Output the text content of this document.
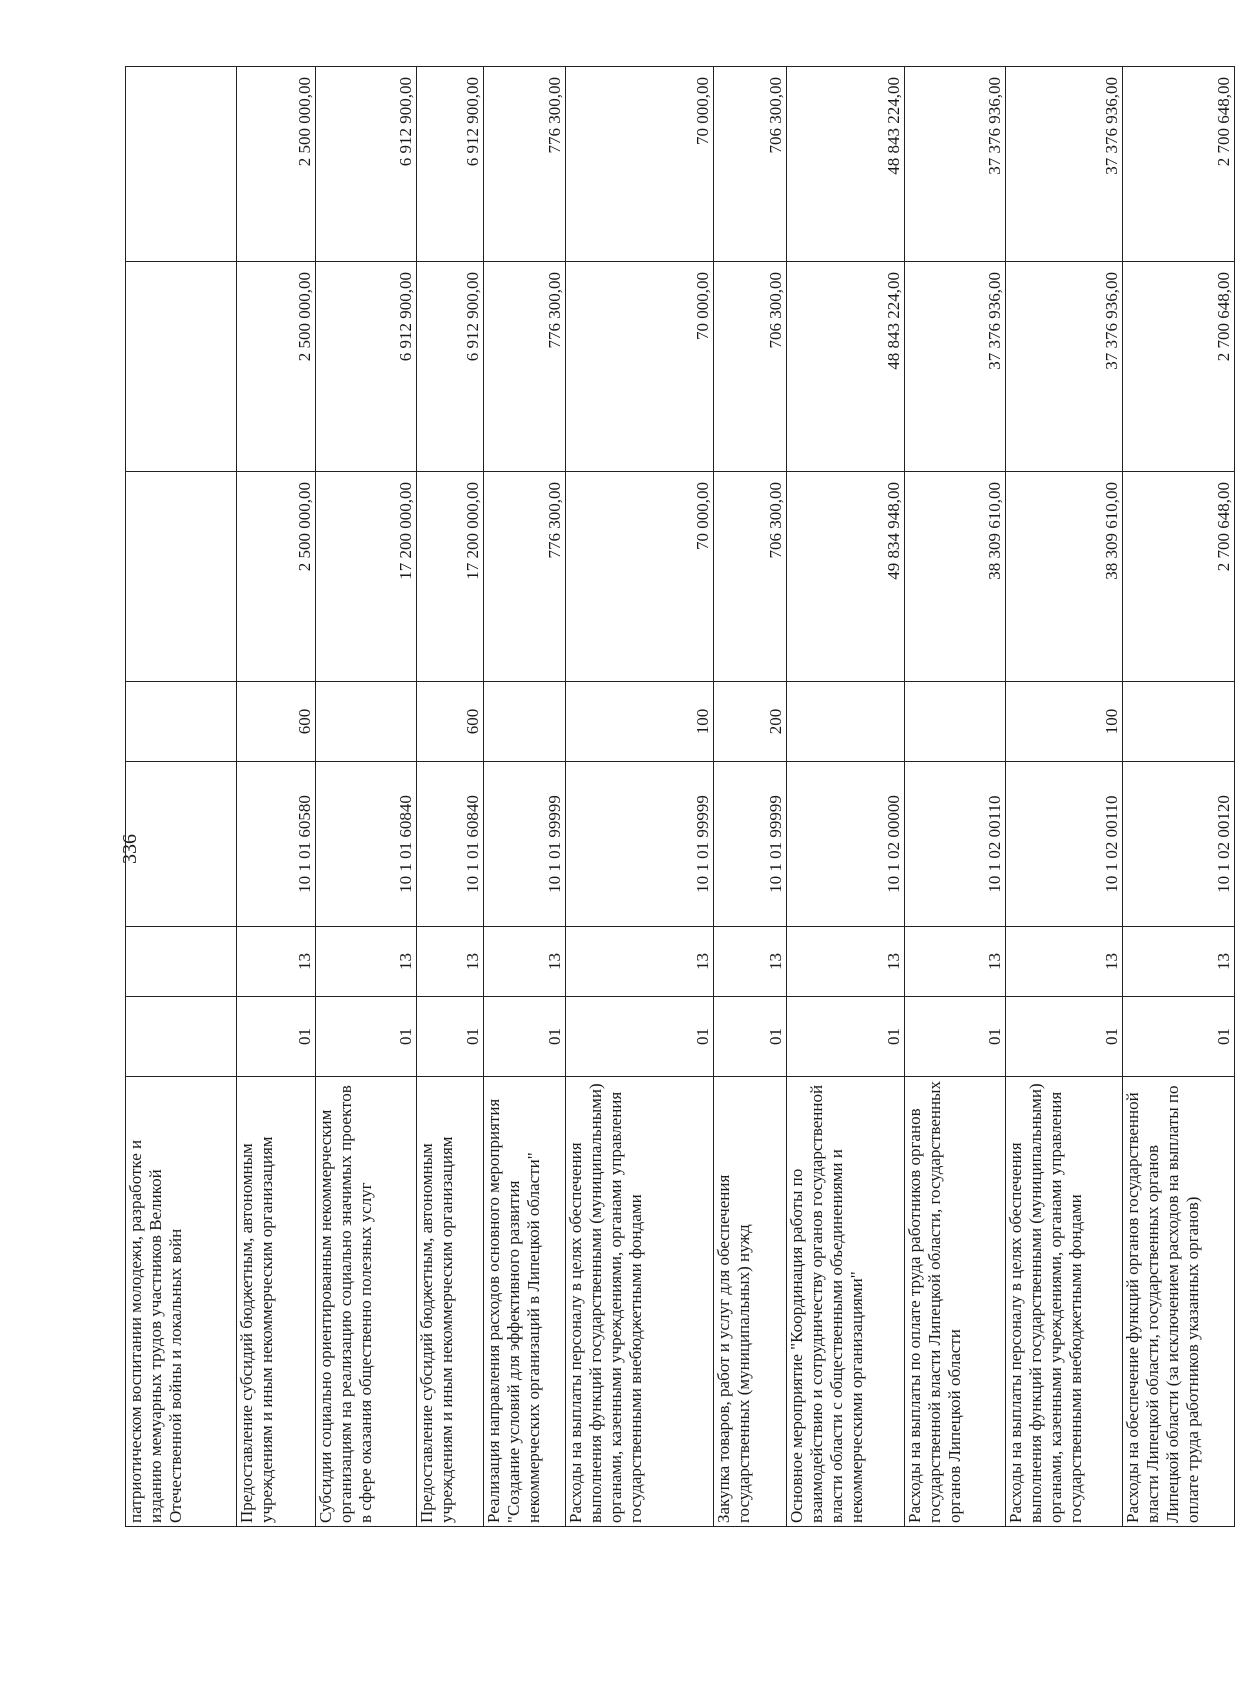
336
патриотическом воспитании молодежи, разработке и изданию мемуарных трудов участников Великой Отечественной войны и локальных войн							
Предоставление субсидий бюджетным, автономным учреждениям и иным некоммерческим организациям	01	13	10 1 01 60580	600	2 500 000,00	2 500 000,00	2 500 000,00
Субсидии социально ориентированным некоммерческим организациям на реализацию социально значимых проектов в сфере оказания общественно полезных услуг	01	13	10 1 01 60840		17 200 000,00	6 912 900,00	6 912 900,00
Предоставление субсидий бюджетным, автономным учреждениям и иным некоммерческим организациям	01	13	10 1 01 60840	600	17 200 000,00	6 912 900,00	6 912 900,00
Реализация направления расходов основного мероприятия "Создание условий для эффективного развития некоммерческих организаций в Липецкой области"	01	13	10 1 01 99999		776 300,00	776 300,00	776 300,00
Расходы на выплаты персоналу в целях обеспечения выполнения функций государственными (муниципальными) органами, казенными учреждениями, органами управления государственными внебюджетными фондами	01	13	10 1 01 99999	100	70 000,00	70 000,00	70 000,00
Закупка товаров, работ и услуг для обеспечения государственных (муниципальных) нужд	01	13	10 1 01 99999	200	706 300,00	706 300,00	706 300,00
Основное мероприятие "Координация работы по взаимодействию и сотрудничеству органов государственной власти области с общественными объединениями и некоммерческими организациями"	01	13	10 1 02 00000		49 834 948,00	48 843 224,00	48 843 224,00
Расходы на выплаты по оплате труда работников органов государственной власти Липецкой области, государственных органов Липецкой области	01	13	10 1 02 00110		38 309 610,00	37 376 936,00	37 376 936,00
Расходы на выплаты персоналу в целях обеспечения выполнения функций государственными (муниципальными) органами, казенными учреждениями, органами управления государственными внебюджетными фондами	01	13	10 1 02 00110	100	38 309 610,00	37 376 936,00	37 376 936,00
Расходы на обеспечение функций органов государственной власти Липецкой области, государственных органов Липецкой области (за исключением расходов на выплаты по оплате труда работников указанных органов)	01	13	10 1 02 00120		2 700 648,00	2 700 648,00	2 700 648,00
